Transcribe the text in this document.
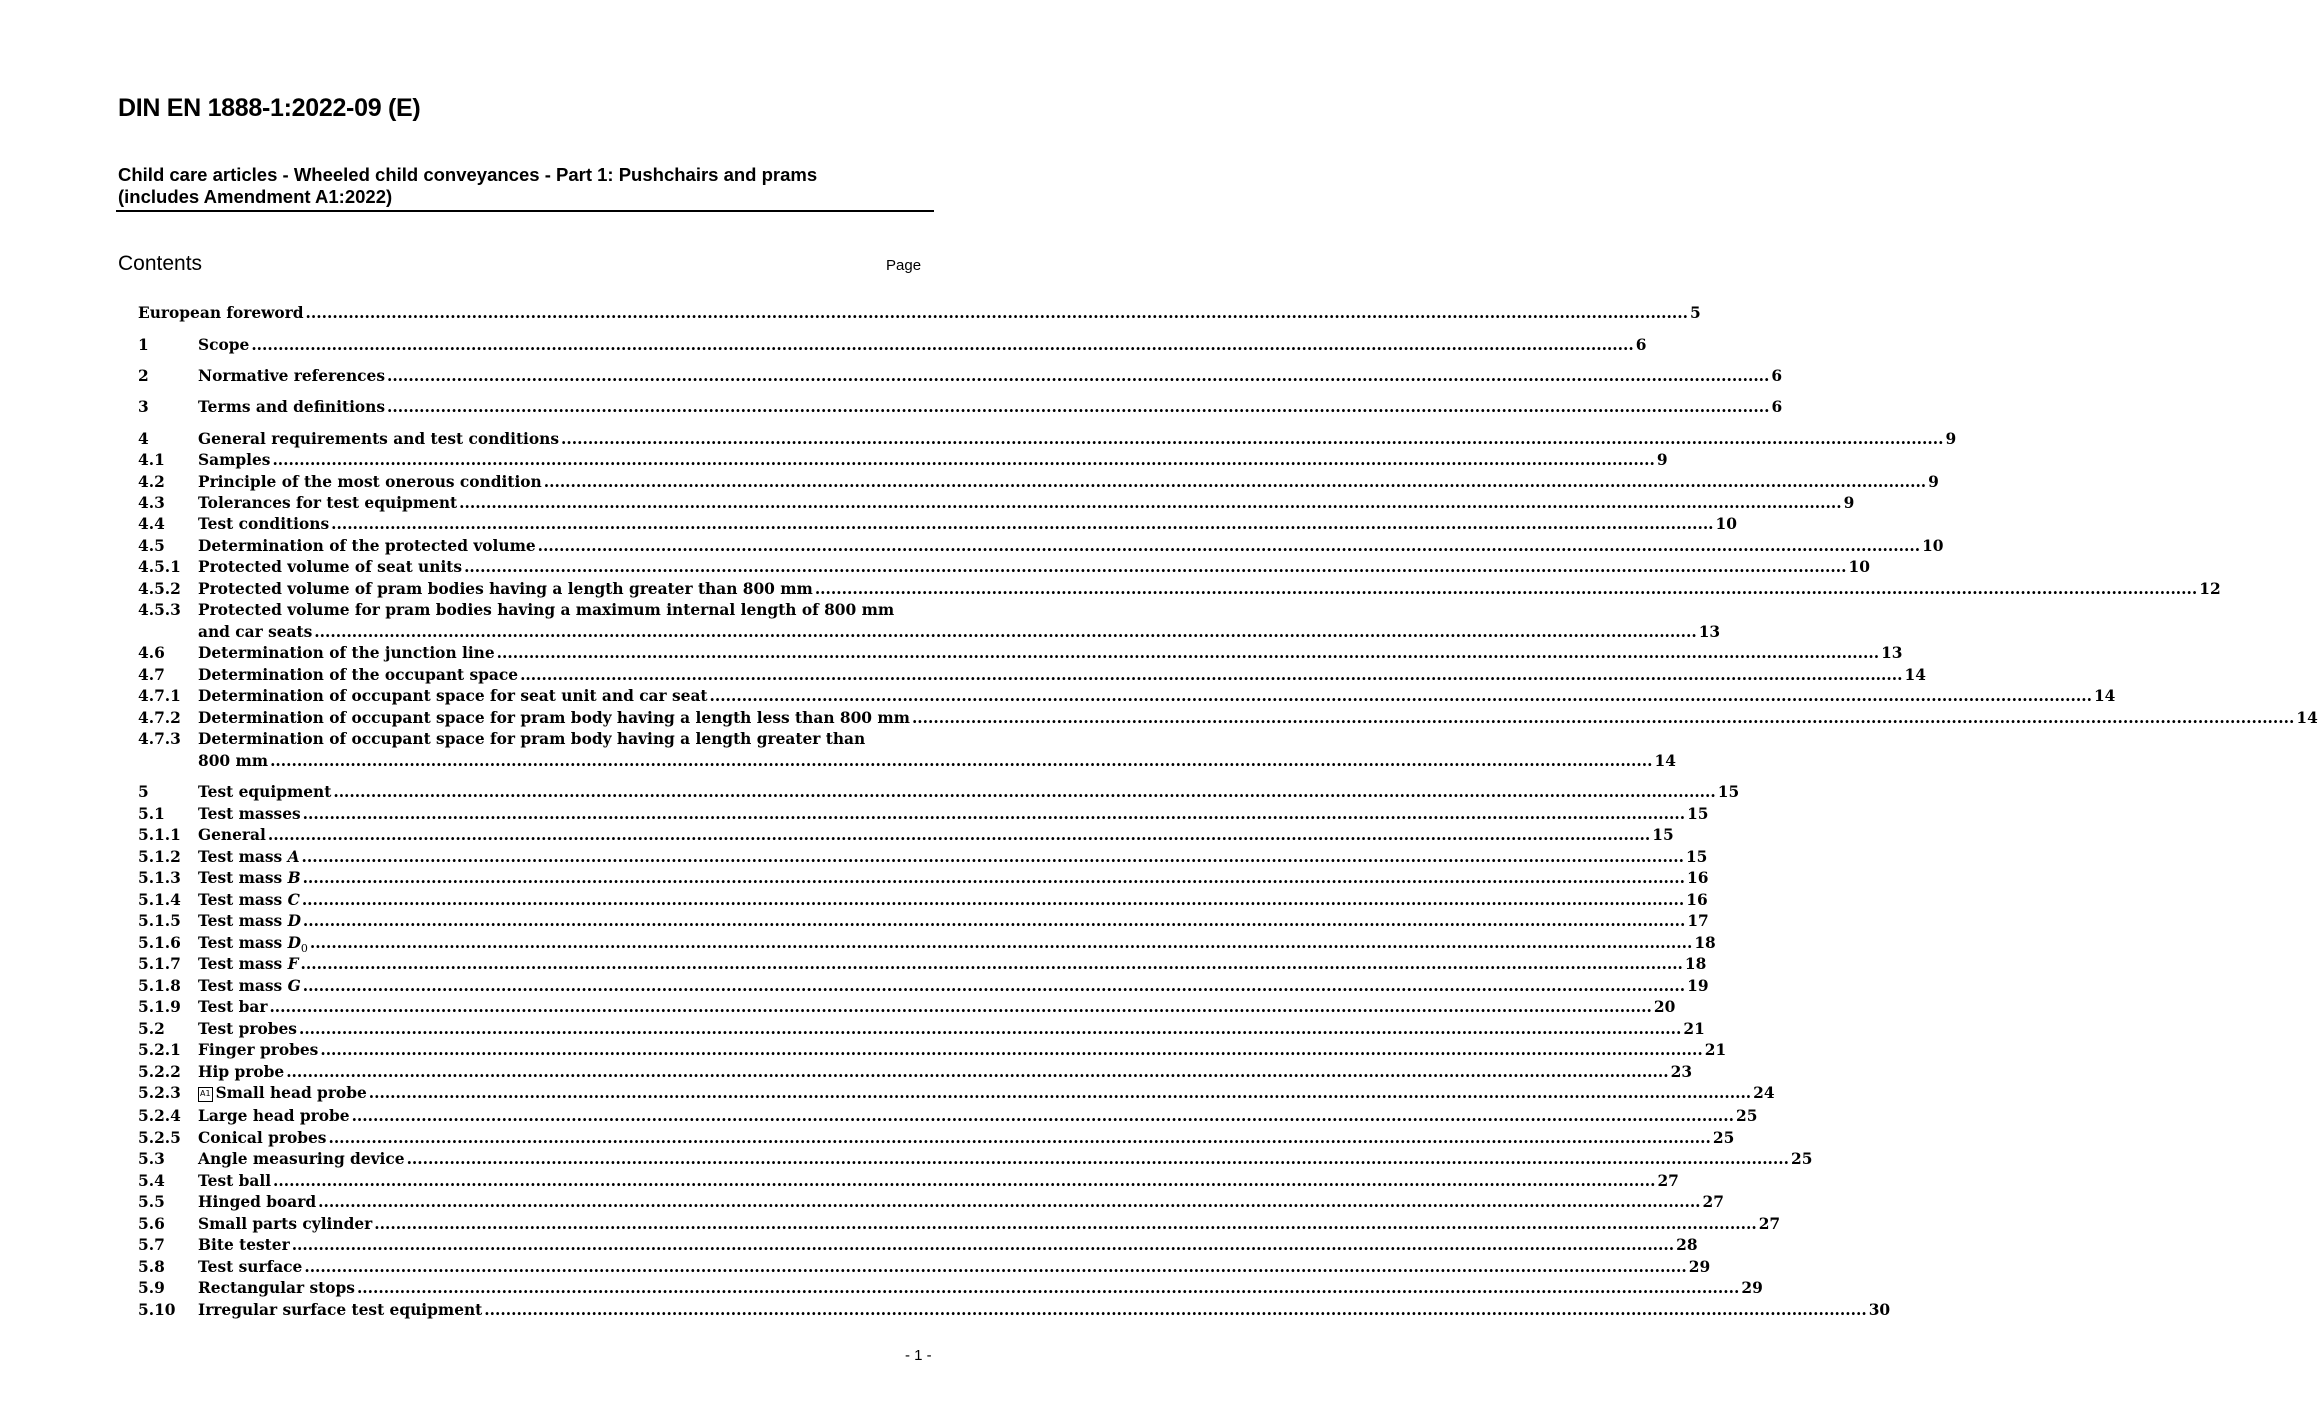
DIN EN 1888-1:2022-09 (E)
Child care articles - Wheeled child conveyances - Part 1: Pushchairs and prams
(includes Amendment A1:2022)
Contents	Page
European foreword .....	5
1	Scope .....	6
2	Normative references .....	6
3	Terms and definitions .....	6
4	General requirements and test conditions .....	9
4.1 Samples .....	9
4.2 Principle of the most onerous condition .....	9
4.3 Tolerances for test equipment .....	9
4.4 Test conditions .....	10
4.5 Determination of the protected volume .....	10
4.5.1 Protected volume of seat units .....	10
4.5.2 Protected volume of pram bodies having a length greater than 800 mm .....	12
4.5.3 Protected volume for pram bodies having a maximum internal length of 800 mm
and car seats .....	13
4.6 Determination of the junction line .....	13
4.7 Determination of the occupant space .....	14
4.7.1 Determination of occupant space for seat unit and car seat .....	14
4.7.2 Determination of occupant space for pram body having a length less than 800 mm .....	14
4.7.3 Determination of occupant space for pram body having a length greater than
800 mm .....	14
5	Test equipment .....	15
5.1 Test masses .....	15
5.1.1 General .....	15
5.1.2 Test mass A .....	15
5.1.3 Test mass B .....	16
5.1.4 Test mass C .....	16
5.1.5 Test mass D .....	17
5.1.6 Test mass $D_0$ .....	18
5.1.7 Test mass F .....	18
5.1.8 Test mass G .....	19
5.1.9 Test bar .....	20
5.2 Test probes .....	21
5.2.1 Finger probes .....	21
5.2.2 Hip probe .....	23
5.2.3 A1 Small head probe .....	24
5.2.4 Large head probe .....	25
5.2.5 Conical probes .....	25
5.3 Angle measuring device .....	25
5.4 Test ball .....	27
5.5 Hinged board .....	27
5.6 Small parts cylinder .....	27
5.7 Bite tester .....	28
5.8 Test surface .....	29
5.9 Rectangular stops .....	29
5.10 Irregular surface test equipment .....	30
- 1 -
